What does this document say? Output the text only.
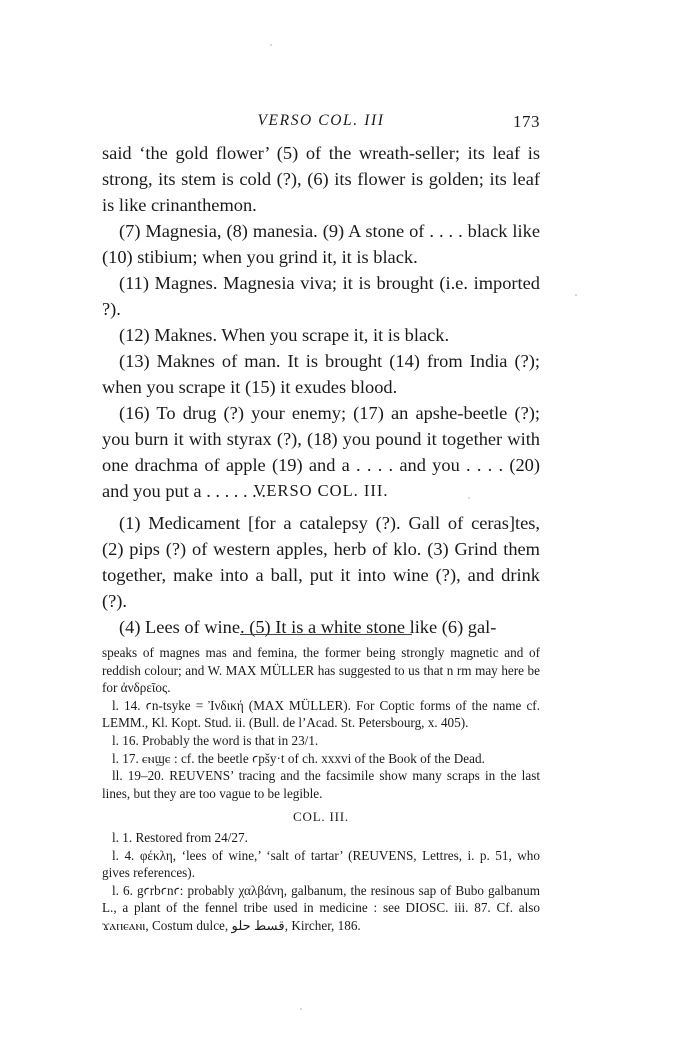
VERSO COL. III	173

said ‘the gold flower’ (5) of the wreath-seller; its leaf is strong, its stem is cold (?), (6) its flower is golden; its leaf is like crinanthemon.

(7) Magnesia, (8) manesia. (9) A stone of . . . . black like (10) stibium; when you grind it, it is black.

(11) Magnes. Magnesia viva; it is brought (i.e. imported ?).

(12) Maknes. When you scrape it, it is black.

(13) Maknes of man. It is brought (14) from India (?); when you scrape it (15) it exudes blood.

(16) To drug (?) your enemy; (17) an apshe-beetle (?); you burn it with styrax (?), (18) you pound it together with one drachma of apple (19) and a . . . . and you . . . . (20) and you put a . . . . . . .

VERSO COL. III.

(1) Medicament [for a catalepsy (?). Gall of ceras]tes, (2) pips (?) of western apples, herb of klo. (3) Grind them together, make into a ball, put it into wine (?), and drink (?).

(4) Lees of wine. (5) It is a white stone like (6) gal-

speaks of magnes mas and femina, the former being strongly magnetic and of reddish colour; and W. MAX MÜLLER has suggested to us that n rm may here be for ἀνδρεῖος.

l. 14. ꜥn-tsyke = Ἰνδική (MAX MÜLLER). For Coptic forms of the name cf. LEMM., Kl. Kopt. Stud. ii. (Bull. de l’Acad. St. Petersbourg, x. 405).

l. 16. Probably the word is that in 23/1.

l. 17. ⲉⲛϣⲉ : cf. the beetle ꜥpšy·t of ch. xxxvi of the Book of the Dead.

ll. 19–20. REUVENS’ tracing and the facsimile show many scraps in the last lines, but they are too vague to be legible.

COL. III.

l. 1. Restored from 24/27.

l. 4. φέκλη, ‘lees of wine,’ ‘salt of tartar’ (REUVENS, Lettres, i. p. 51, who gives references).

l. 6. gꜥrbꜥnꜥ: probably χαλβάνη, galbanum, the resinous sap of Bubo galbanum L., a plant of the fennel tribe used in medicine : see DIOSC. iii. 87. Cf. also ϫⲁⲡⲉⲁⲛⲓ, Costum dulce, قسط حلو, Kircher, 186.
